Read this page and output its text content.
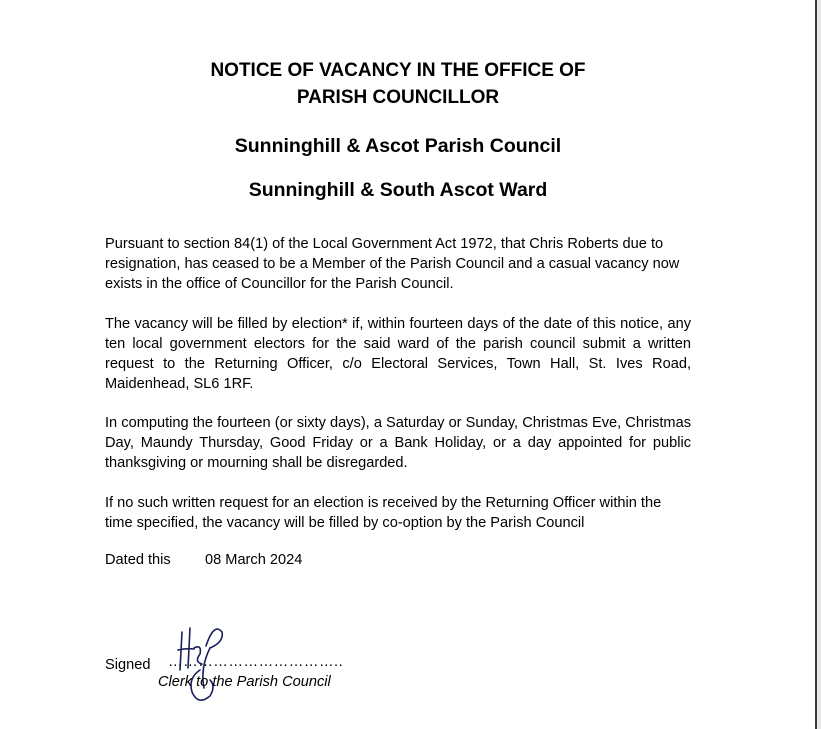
NOTICE OF VACANCY IN THE OFFICE OF
PARISH COUNCILLOR
Sunninghill & Ascot Parish Council
Sunninghill & South Ascot Ward

Pursuant to section 84(1) of the Local Government Act 1972, that Chris Roberts due to resignation, has ceased to be a Member of the Parish Council and a casual vacancy now exists in the office of Councillor for the Parish Council.

The vacancy will be filled by election* if, within fourteen days of the date of this notice, any ten local government electors for the said ward of the parish council submit a written request to the Returning Officer, c/o Electoral Services, Town Hall, St. Ives Road, Maidenhead, SL6 1RF.

In computing the fourteen (or sixty days), a Saturday or Sunday, Christmas Eve, Christmas Day, Maundy Thursday, Good Friday or a Bank Holiday, or a day appointed for public thanksgiving or mourning shall be disregarded.

If no such written request for an election is received by the Returning Officer within the time specified, the vacancy will be filled by co-option by the Parish Council

Dated this 08 March 2024
Signed ……………………………..
Clerk to the Parish Council
